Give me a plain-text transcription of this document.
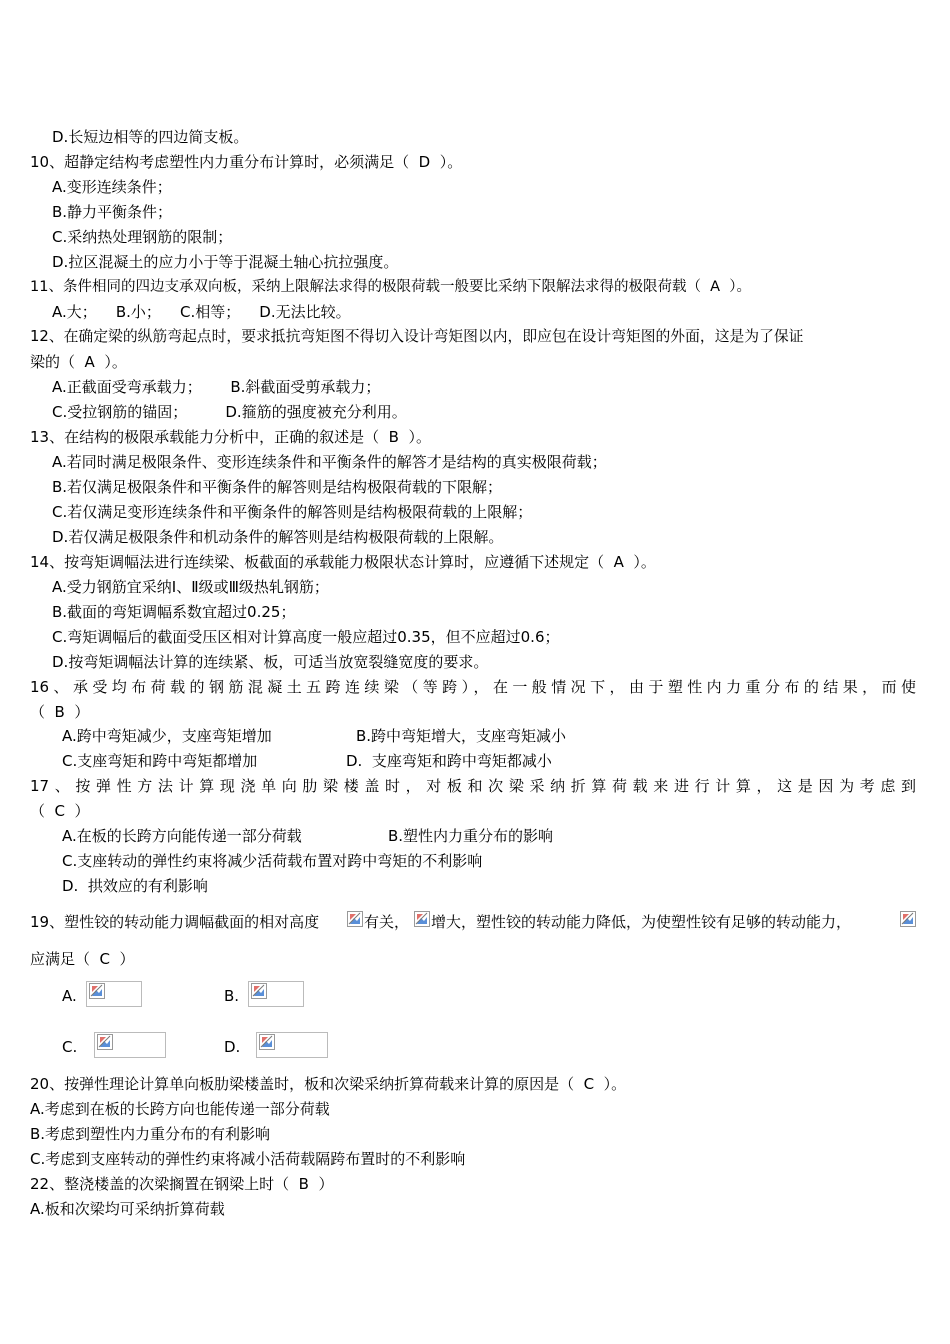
D.长短边相等的四边简支板。
10、超静定结构考虑塑性内力重分布计算时，必须满足（  D  ）。
A.变形连续条件；
B.静力平衡条件；
C.采纳热处理钢筋的限制；
D.拉区混凝土的应力小于等于混凝土轴心抗拉强度。
11、条件相同的四边支承双向板，采纳上限解法求得的极限荷载一般要比采纳下限解法求得的极限荷载（  A  ）。
A.大；    B.小；    C.相等；    D.无法比较。
12、在确定梁的纵筋弯起点时，要求抵抗弯矩图不得切入设计弯矩图以内，即应包在设计弯矩图的外面，这是为了保证
梁的（  A  ）。
A.正截面受弯承载力；      B.斜截面受剪承载力；
C.受拉钢筋的锚固；        D.箍筋的强度被充分利用。
13、在结构的极限承载能力分析中，正确的叙述是（  B  ）。
A.若同时满足极限条件、变形连续条件和平衡条件的解答才是结构的真实极限荷载；
B.若仅满足极限条件和平衡条件的解答则是结构极限荷载的下限解；
C.若仅满足变形连续条件和平衡条件的解答则是结构极限荷载的上限解；
D.若仅满足极限条件和机动条件的解答则是结构极限荷载的上限解。
14、按弯矩调幅法进行连续梁、板截面的承载能力极限状态计算时，应遵循下述规定（  A  ）。
A.受力钢筋宜采纳Ⅰ、Ⅱ级或Ⅲ级热轧钢筋；
B.截面的弯矩调幅系数宜超过0.25；
C.弯矩调幅后的截面受压区相对计算高度一般应超过0.35，但不应超过0.6；
D.按弯矩调幅法计算的连续紧、板，可适当放宽裂缝宽度的要求。
16、承受均布荷载的钢筋混凝土五跨连续梁（等跨），在一般情况下，由于塑性内力重分布的结果，而使
（  B  ）
A.跨中弯矩减少，支座弯矩增加	B.跨中弯矩增大，支座弯矩减小
C.支座弯矩和跨中弯矩都增加	D.  支座弯矩和跨中弯矩都减小
17、按弹性方法计算现浇单向肋梁楼盖时，对板和次梁采纳折算荷载来进行计算，这是因为考虑到
（  C  ）
A.在板的长跨方向能传递一部分荷载	B.塑性内力重分布的影响
C.支座转动的弹性约束将减少活荷载布置对跨中弯矩的不利影响
D.  拱效应的有利影响
19、塑性铰的转动能力调幅截面的相对高度	有关， 增大，塑性铰的转动能力降低，为使塑性铰有足够的转动能力，
应满足（  C  ）
A.	B.
C.	D.
20、按弹性理论计算单向板肋梁楼盖时，板和次梁采纳折算荷载来计算的原因是（  C  ）。
A.考虑到在板的长跨方向也能传递一部分荷载
B.考虑到塑性内力重分布的有利影响
C.考虑到支座转动的弹性约束将减小活荷载隔跨布置时的不利影响
22、整浇楼盖的次梁搁置在钢梁上时（  B  ）
A.板和次梁均可采纳折算荷载
